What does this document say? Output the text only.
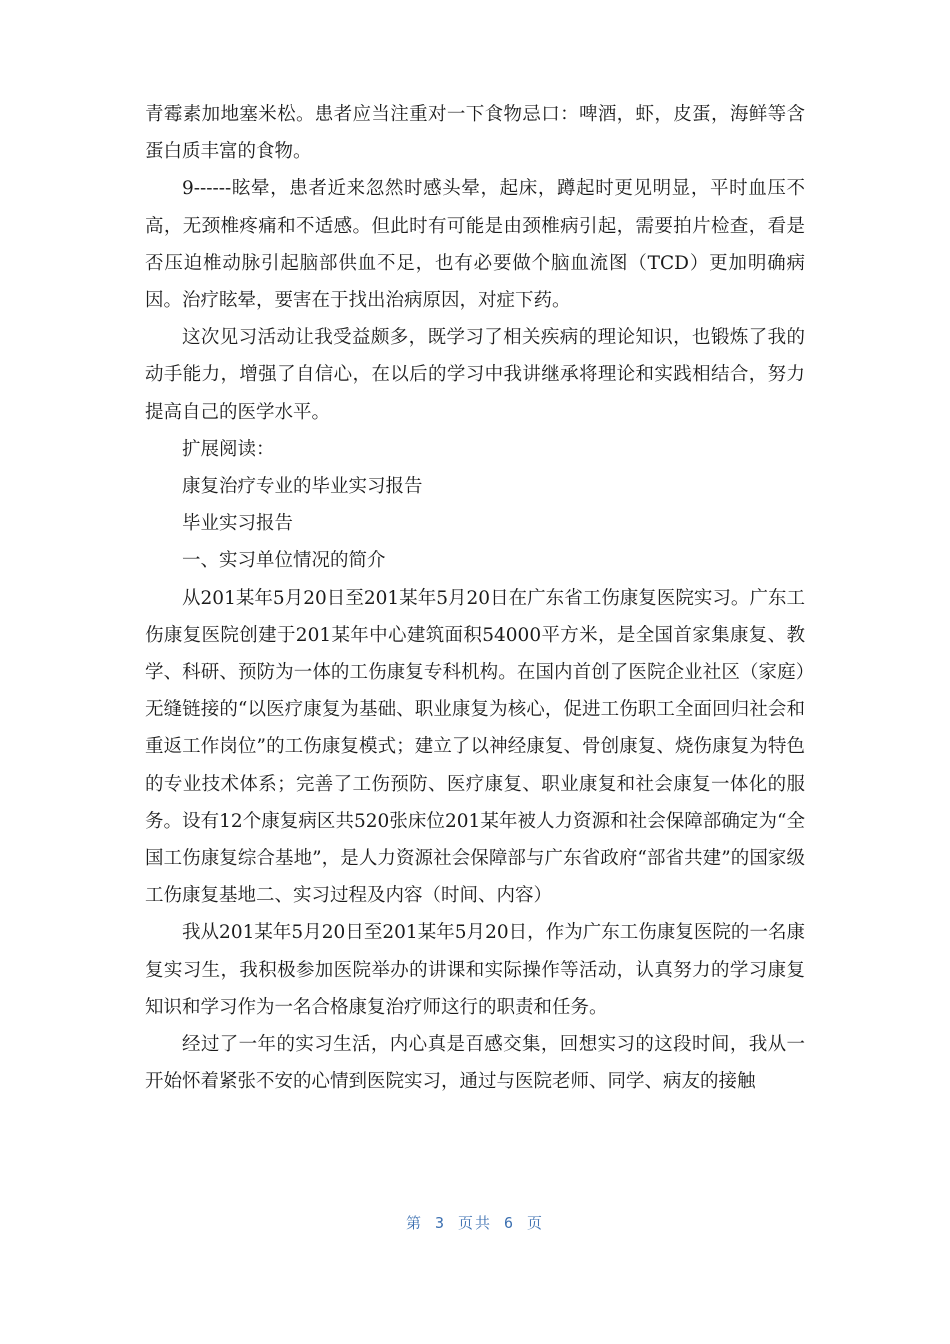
青霉素加地塞米松。患者应当注重对一下食物忌口：啤酒，虾，皮蛋，海鲜等含蛋白质丰富的食物。

9------眩晕，患者近来忽然时感头晕，起床，蹲起时更见明显，平时血压不高，无颈椎疼痛和不适感。但此时有可能是由颈椎病引起，需要拍片检查，看是否压迫椎动脉引起脑部供血不足，也有必要做个脑血流图（TCD）更加明确病因。治疗眩晕，要害在于找出治病原因，对症下药。

这次见习活动让我受益颇多，既学习了相关疾病的理论知识，也锻炼了我的动手能力，增强了自信心，在以后的学习中我讲继承将理论和实践相结合，努力提高自己的医学水平。

扩展阅读：

康复治疗专业的毕业实习报告

毕业实习报告

一、实习单位情况的简介

从201某年5月20日至201某年5月20日在广东省工伤康复医院实习。广东工伤康复医院创建于201某年中心建筑面积54000平方米，是全国首家集康复、教学、科研、预防为一体的工伤康复专科机构。在国内首创了医院企业社区（家庭）无缝链接的“以医疗康复为基础、职业康复为核心，促进工伤职工全面回归社会和重返工作岗位”的工伤康复模式；建立了以神经康复、骨创康复、烧伤康复为特色的专业技术体系；完善了工伤预防、医疗康复、职业康复和社会康复一体化的服务。设有12个康复病区共520张床位201某年被人力资源和社会保障部确定为“全国工伤康复综合基地”，是人力资源社会保障部与广东省政府“部省共建”的国家级工伤康复基地二、实习过程及内容（时间、内容）

我从201某年5月20日至201某年5月20日，作为广东工伤康复医院的一名康复实习生，我积极参加医院举办的讲课和实际操作等活动，认真努力的学习康复知识和学习作为一名合格康复治疗师这行的职责和任务。

经过了一年的实习生活，内心真是百感交集，回想实习的这段时间，我从一开始怀着紧张不安的心情到医院实习，通过与医院老师、同学、病友的接触

第 3 页共 6 页
